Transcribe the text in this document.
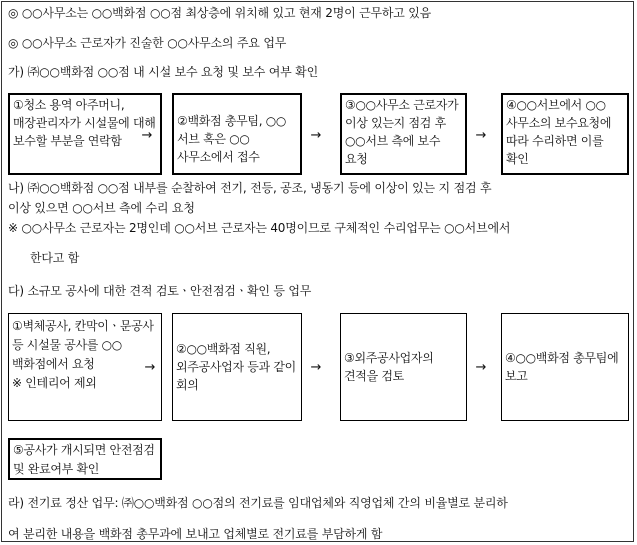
◎ ○○사무소는 ○○백화점 ○○점 최상층에 위치해 있고 현재 2명이 근무하고 있음
◎ ○○사무소 근로자가 진술한 ○○사무소의 주요 업무
가) ㈜○○백화점 ○○점 내 시설 보수 요청 및 보수 여부 확인
①청소 용역 아주머니, 매장관리자가 시설물에 대해 보수할 부분을 연락함	→
②백화점 총무팀, ○○서브 혹은 ○○사무소에서 접수
→
③○○사무소 근로자가 이상 있는지 점검 후 ○○서브 측에 보수 요청
→
④○○서브에서 ○○사무소의 보수요청에 따라 수리하면 이를 확인
나) ㈜○○백화점 ○○점 내부를 순찰하여 전기, 전등, 공조, 냉동기 등에 이상이 있는 지 점검 후
이상 있으면 ○○서브 측에 수리 요청
※ ○○사무소 근로자는 2명인데 ○○서브 근로자는 40명이므로 구체적인 수리업무는 ○○서브에서
한다고 함
다) 소규모 공사에 대한 견적 검토ㆍ안전점검ㆍ확인 등 업무
①벽체공사, 칸막이ㆍ문공사 등 시설물 공사를 ○○백화점에서 요청
※ 인테리어 제외
→
②○○백화점 직원, 외주공사업자 등과 같이 회의
→
③외주공사업자의 견적을 검토
→
④○○백화점 총무팀에 보고
⑤공사가 개시되면 안전점검 및 완료여부 확인
라) 전기료 정산 업무: ㈜○○백화점 ○○점의 전기료를 임대업체와 직영업체 간의 비율별로 분리하
여 분리한 내용을 백화점 총무과에 보내고 업체별로 전기료를 부담하게 함
